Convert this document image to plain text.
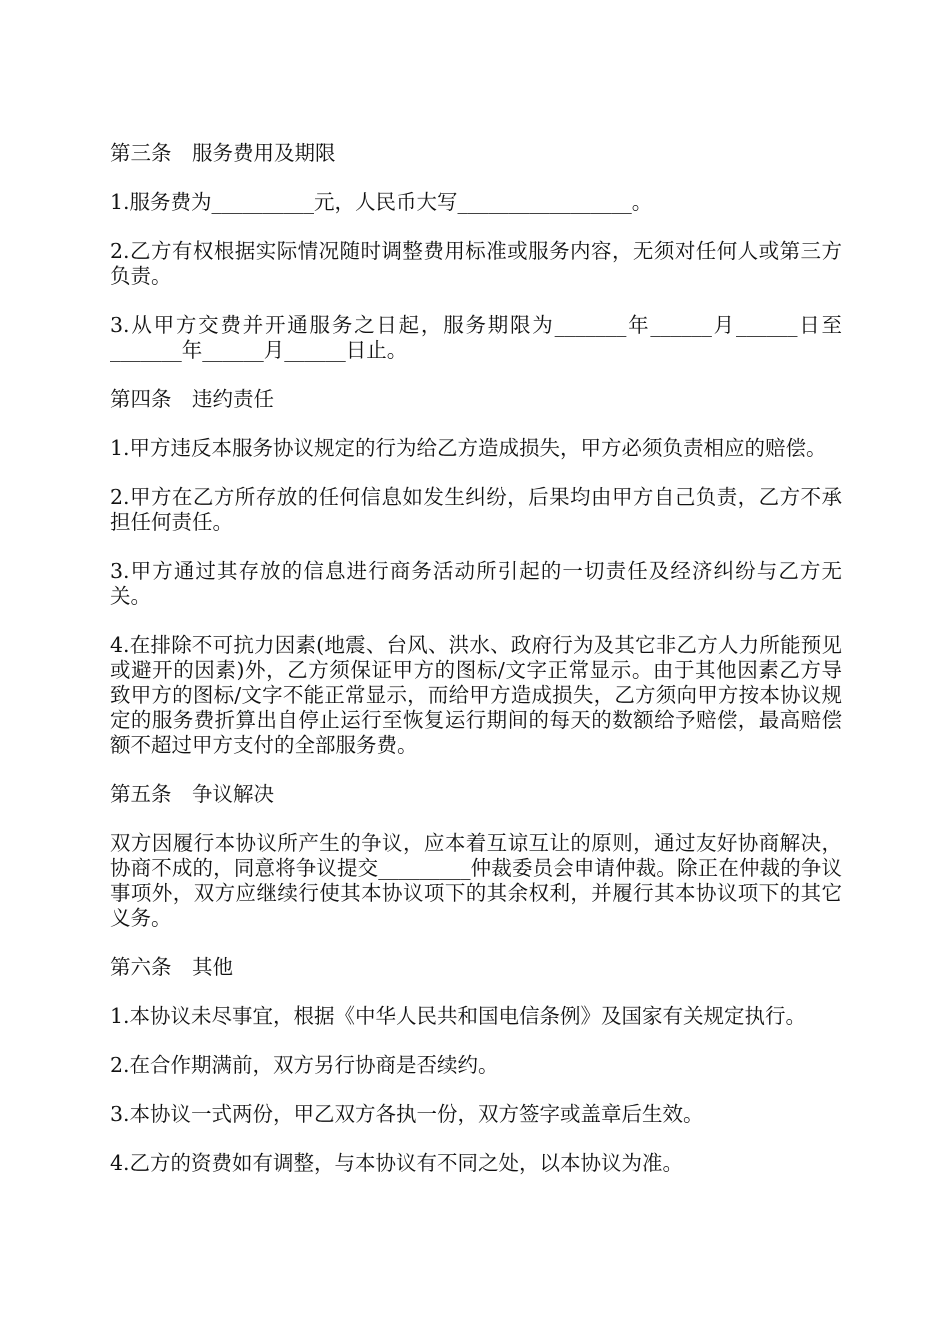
第三条　服务费用及期限

1.服务费为__________元，人民币大写_________________。

2.乙方有权根据实际情况随时调整费用标准或服务内容，无须对任何人或第三方负责。

3.从甲方交费并开通服务之日起，服务期限为_______年______月______日至_______年______月______日止。

第四条　违约责任

1.甲方违反本服务协议规定的行为给乙方造成损失，甲方必须负责相应的赔偿。

2.甲方在乙方所存放的任何信息如发生纠纷，后果均由甲方自己负责，乙方不承担任何责任。

3.甲方通过其存放的信息进行商务活动所引起的一切责任及经济纠纷与乙方无关。

4.在排除不可抗力因素(地震、台风、洪水、政府行为及其它非乙方人力所能预见或避开的因素)外，乙方须保证甲方的图标/文字正常显示。由于其他因素乙方导致甲方的图标/文字不能正常显示，而给甲方造成损失，乙方须向甲方按本协议规定的服务费折算出自停止运行至恢复运行期间的每天的数额给予赔偿，最高赔偿额不超过甲方支付的全部服务费。

第五条　争议解决

双方因履行本协议所产生的争议，应本着互谅互让的原则，通过友好协商解决，协商不成的，同意将争议提交_________仲裁委员会申请仲裁。除正在仲裁的争议事项外，双方应继续行使其本协议项下的其余权利，并履行其本协议项下的其它义务。

第六条　其他

1.本协议未尽事宜，根据《中华人民共和国电信条例》及国家有关规定执行。

2.在合作期满前，双方另行协商是否续约。

3.本协议一式两份，甲乙双方各执一份，双方签字或盖章后生效。

4.乙方的资费如有调整，与本协议有不同之处，以本协议为准。
